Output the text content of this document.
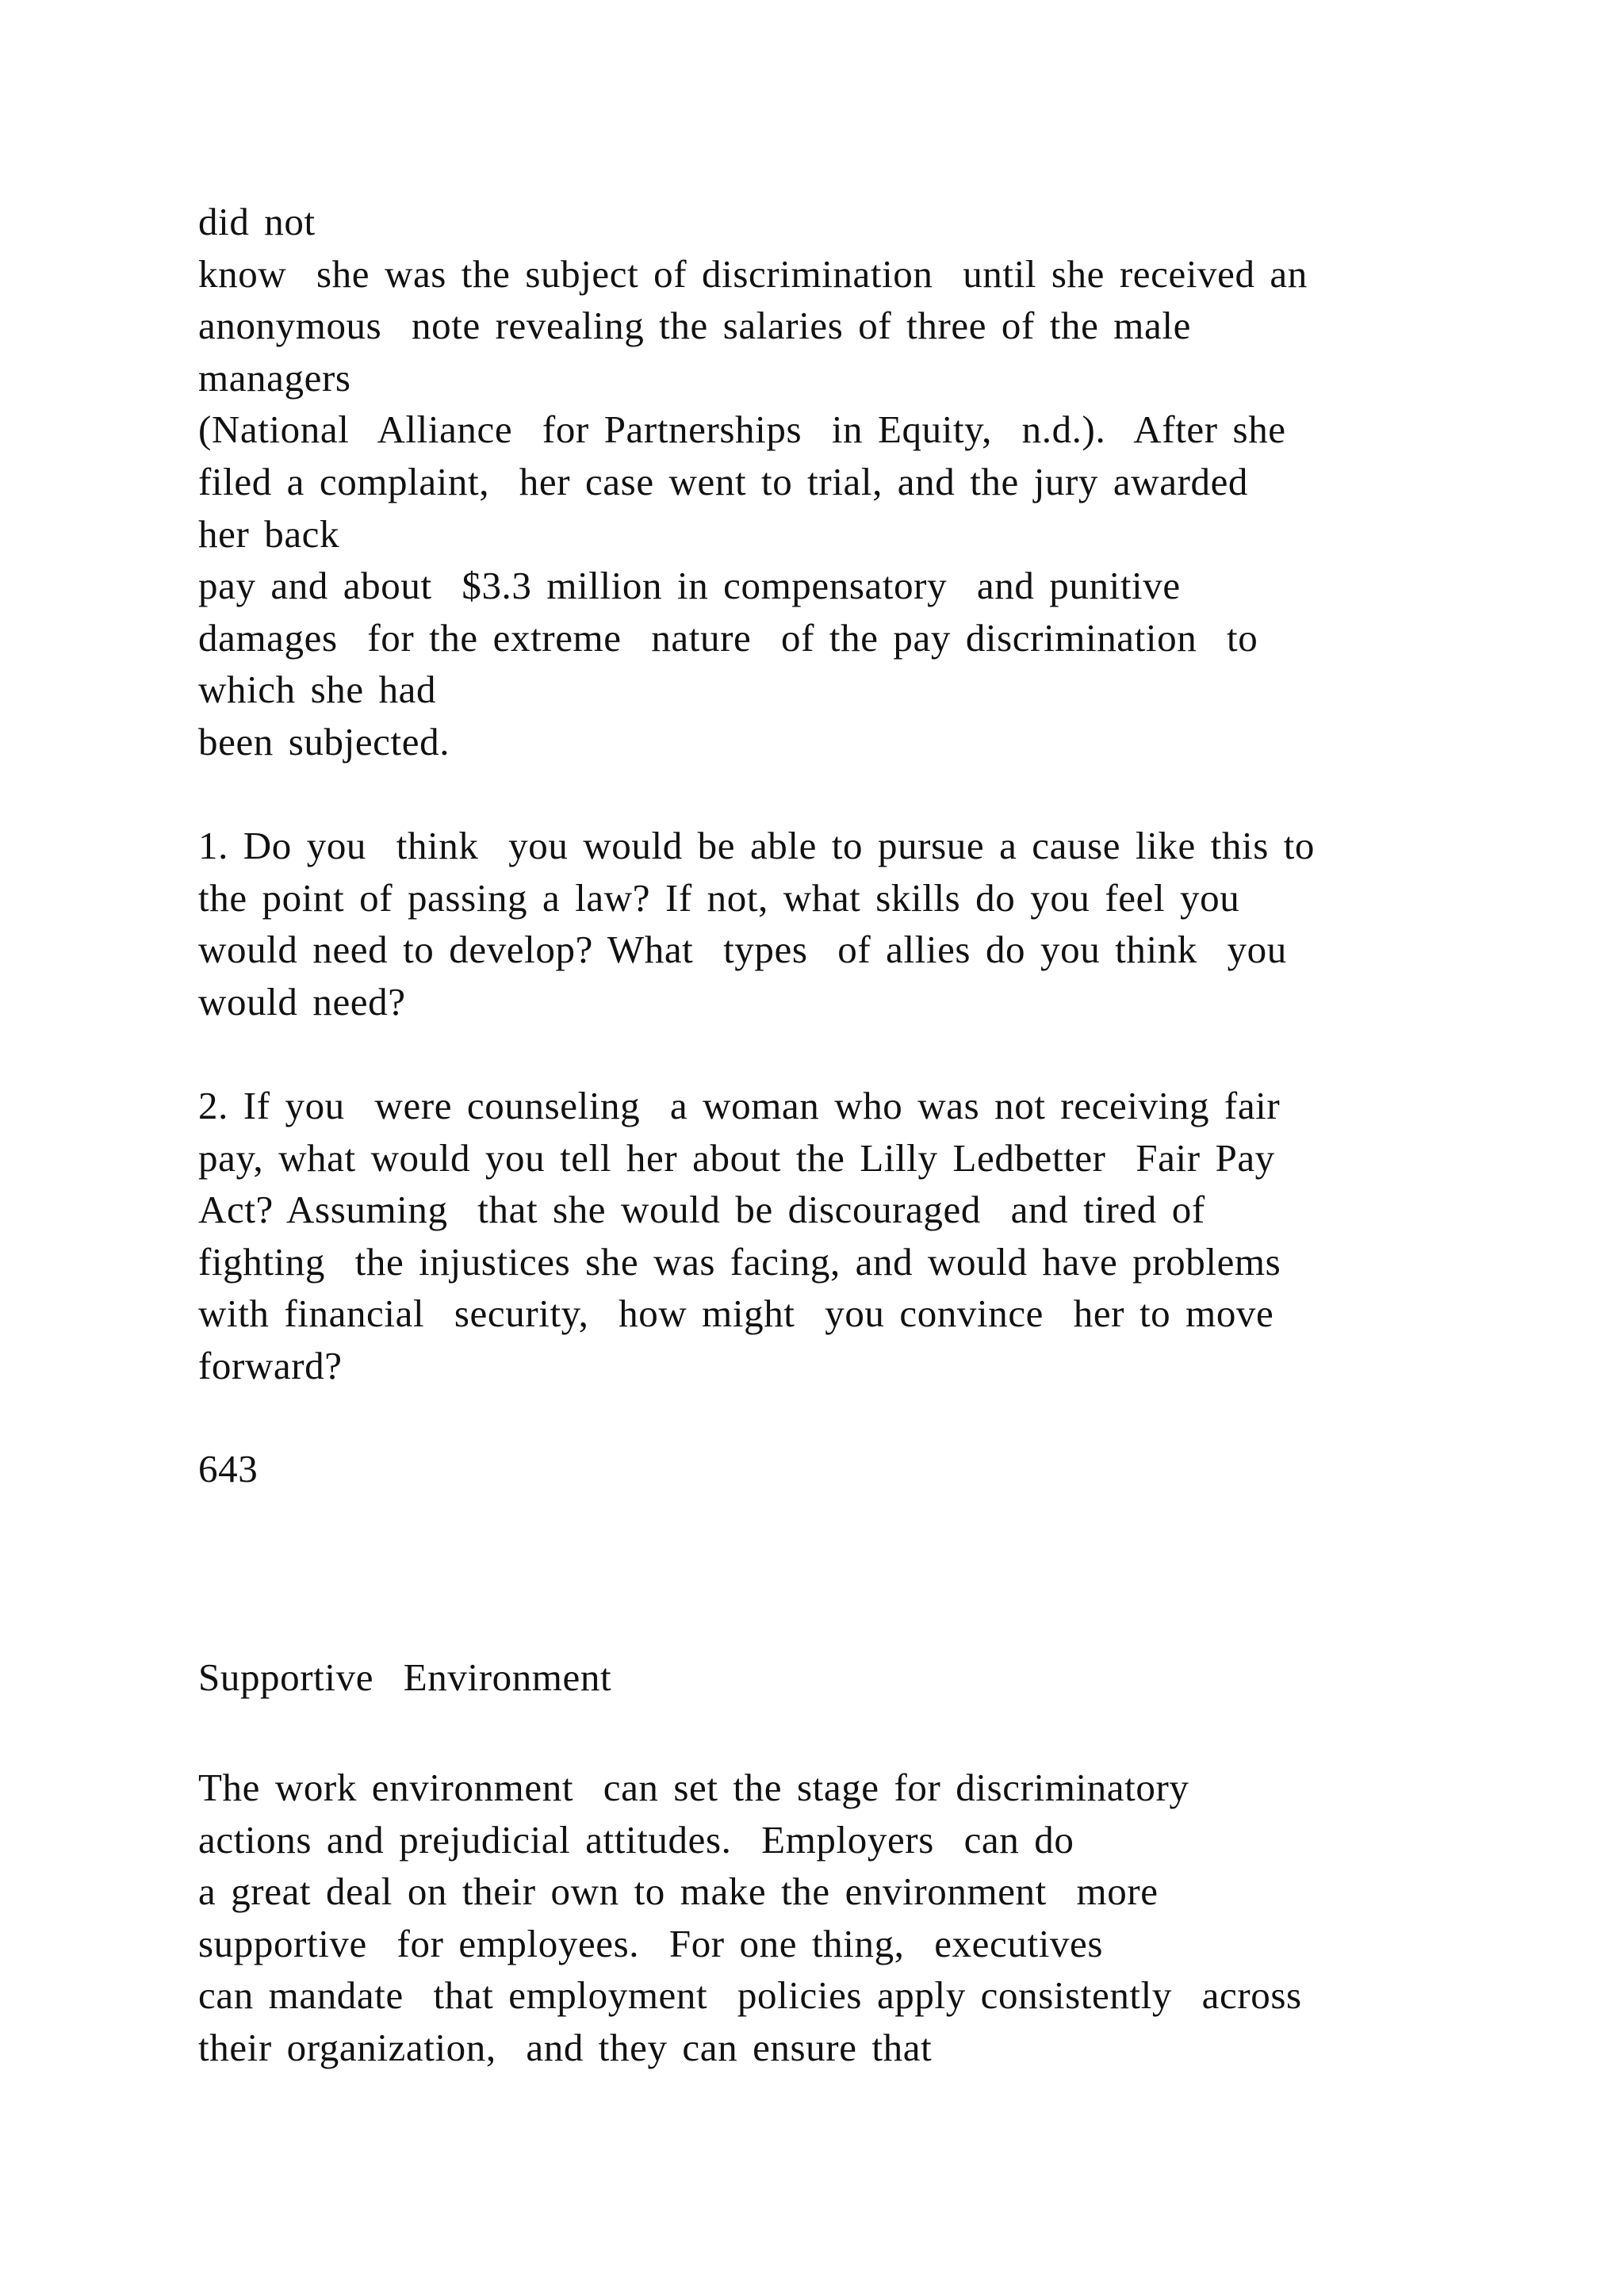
did not
know  she was the subject of discrimination  until she received an
anonymous  note revealing the salaries of three of the male
managers
(National  Alliance  for Partnerships  in Equity,  n.d.).  After she
filed a complaint,  her case went to trial, and the jury awarded
her back
pay and about  $3.3 million in compensatory  and punitive
damages  for the extreme  nature  of the pay discrimination  to
which she had
been subjected.
1. Do you  think  you would be able to pursue a cause like this to
the point of passing a law? If not, what skills do you feel you
would need to develop? What  types  of allies do you think  you
would need?
2. If you  were counseling  a woman who was not receiving fair
pay, what would you tell her about the Lilly Ledbetter  Fair Pay
Act? Assuming  that she would be discouraged  and tired of
fighting  the injustices she was facing, and would have problems
with financial  security,  how might  you convince  her to move
forward?
643
Supportive  Environment
The work environment  can set the stage for discriminatory
actions and prejudicial attitudes.  Employers  can do
a great deal on their own to make the environment  more
supportive  for employees.  For one thing,  executives
can mandate  that employment  policies apply consistently  across
their organization,  and they can ensure that
